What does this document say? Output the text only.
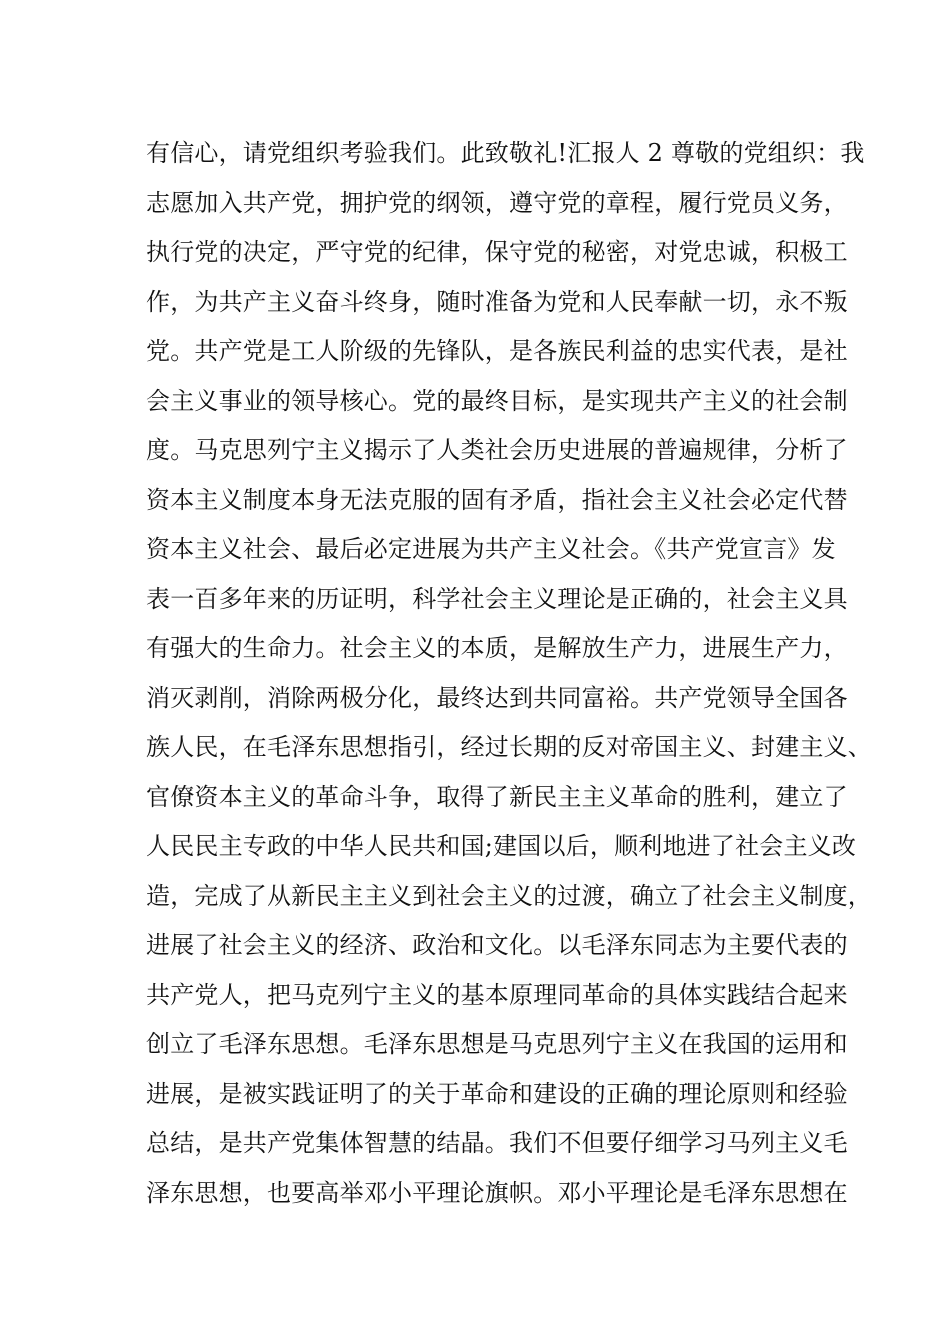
有信心，请党组织考验我们。此致敬礼!汇报人 2 尊敬的党组织：我
志愿加入共产党，拥护党的纲领，遵守党的章程，履行党员义务，
执行党的决定，严守党的纪律，保守党的秘密，对党忠诚，积极工
作，为共产主义奋斗终身，随时准备为党和人民奉献一切，永不叛
党。共产党是工人阶级的先锋队，是各族民利益的忠实代表，是社
会主义事业的领导核心。党的最终目标，是实现共产主义的社会制
度。马克思列宁主义揭示了人类社会历史进展的普遍规律，分析了
资本主义制度本身无法克服的固有矛盾，指社会主义社会必定代替
资本主义社会、最后必定进展为共产主义社会。《共产党宣言》发
表一百多年来的历证明，科学社会主义理论是正确的，社会主义具
有强大的生命力。社会主义的本质，是解放生产力，进展生产力，
消灭剥削，消除两极分化，最终达到共同富裕。共产党领导全国各
族人民，在毛泽东思想指引，经过长期的反对帝国主义、封建主义、
官僚资本主义的革命斗争，取得了新民主主义革命的胜利，建立了
人民民主专政的中华人民共和国;建国以后，顺利地进了社会主义改
造，完成了从新民主主义到社会主义的过渡，确立了社会主义制度，
进展了社会主义的经济、政治和文化。以毛泽东同志为主要代表的
共产党人，把马克列宁主义的基本原理同革命的具体实践结合起来
创立了毛泽东思想。毛泽东思想是马克思列宁主义在我国的运用和
进展，是被实践证明了的关于革命和建设的正确的理论原则和经验
总结，是共产党集体智慧的结晶。我们不但要仔细学习马列主义毛
泽东思想，也要高举邓小平理论旗帜。邓小平理论是毛泽东思想在
